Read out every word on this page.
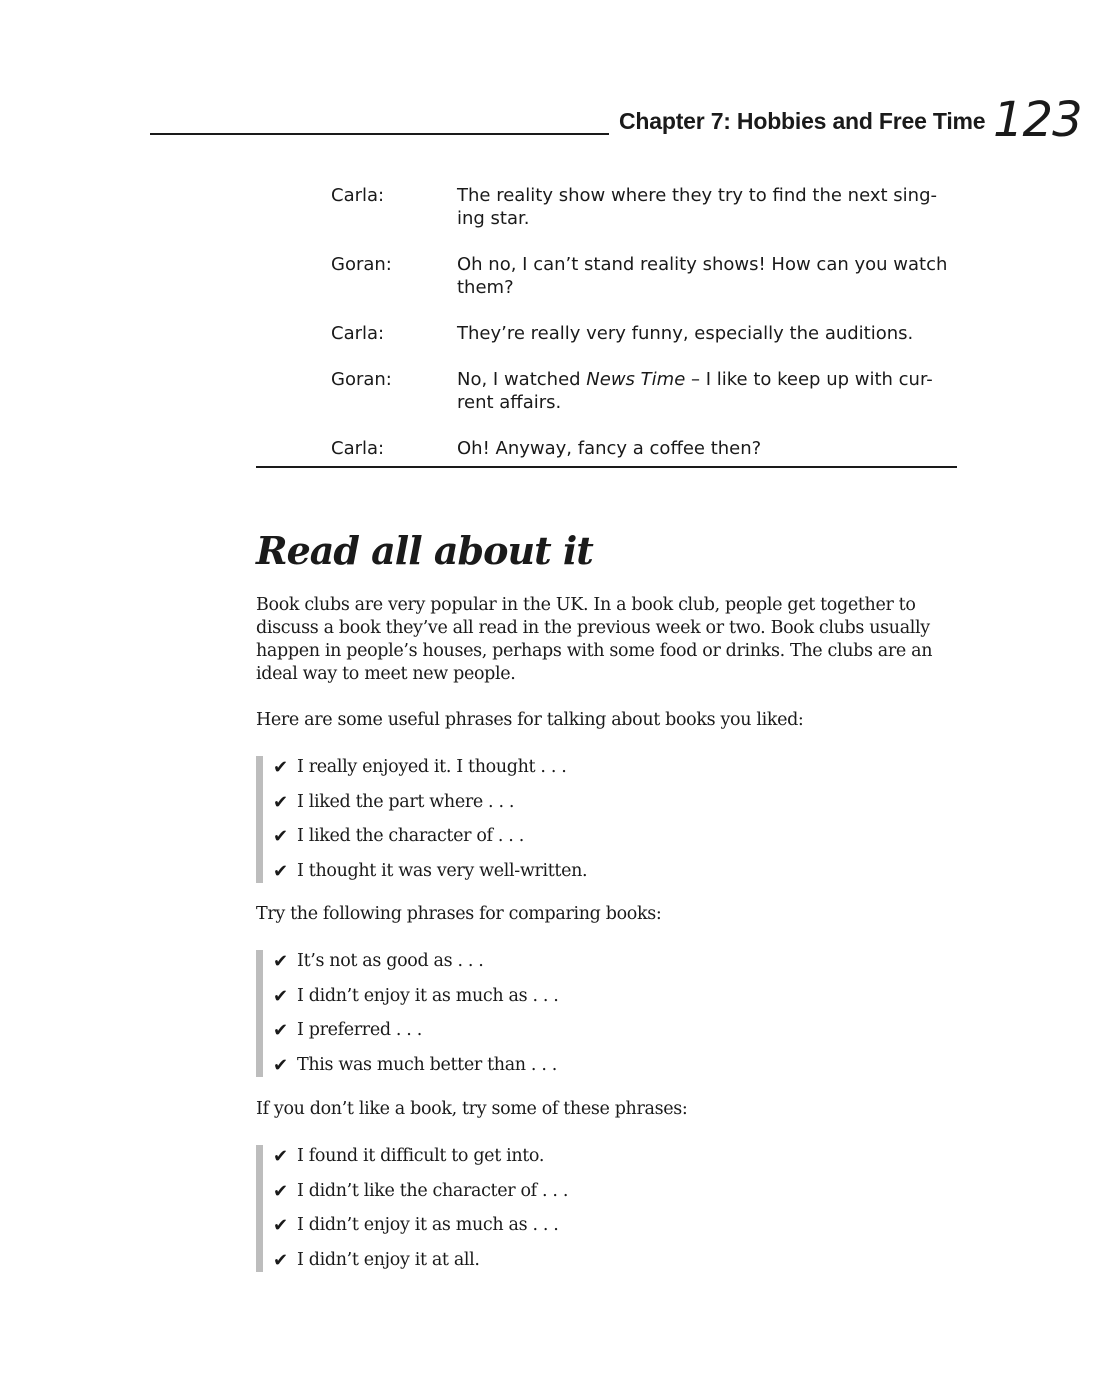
Chapter 7: Hobbies and Free Time 123
Carla:	The reality show where they try to find the next sing-ing star.
Goran:	Oh no, I can’t stand reality shows! How can you watch them?
Carla:	They’re really very funny, especially the auditions.
Goran:	No, I watched News Time – I like to keep up with cur-rent affairs.
Carla:	Oh! Anyway, fancy a coffee then?
Read all about it

Book clubs are very popular in the UK. In a book club, people get together to discuss a book they’ve all read in the previous week or two. Book clubs usually happen in people’s houses, perhaps with some food or drinks. The clubs are an ideal way to meet new people.

Here are some useful phrases for talking about books you liked:

✔ I really enjoyed it. I thought . . .
✔ I liked the part where . . .
✔ I liked the character of . . .
✔ I thought it was very well-written.

Try the following phrases for comparing books:

✔ It’s not as good as . . .
✔ I didn’t enjoy it as much as . . .
✔ I preferred . . .
✔ This was much better than . . .

If you don’t like a book, try some of these phrases:

✔ I found it difficult to get into.
✔ I didn’t like the character of . . .
✔ I didn’t enjoy it as much as . . .
✔ I didn’t enjoy it at all.
